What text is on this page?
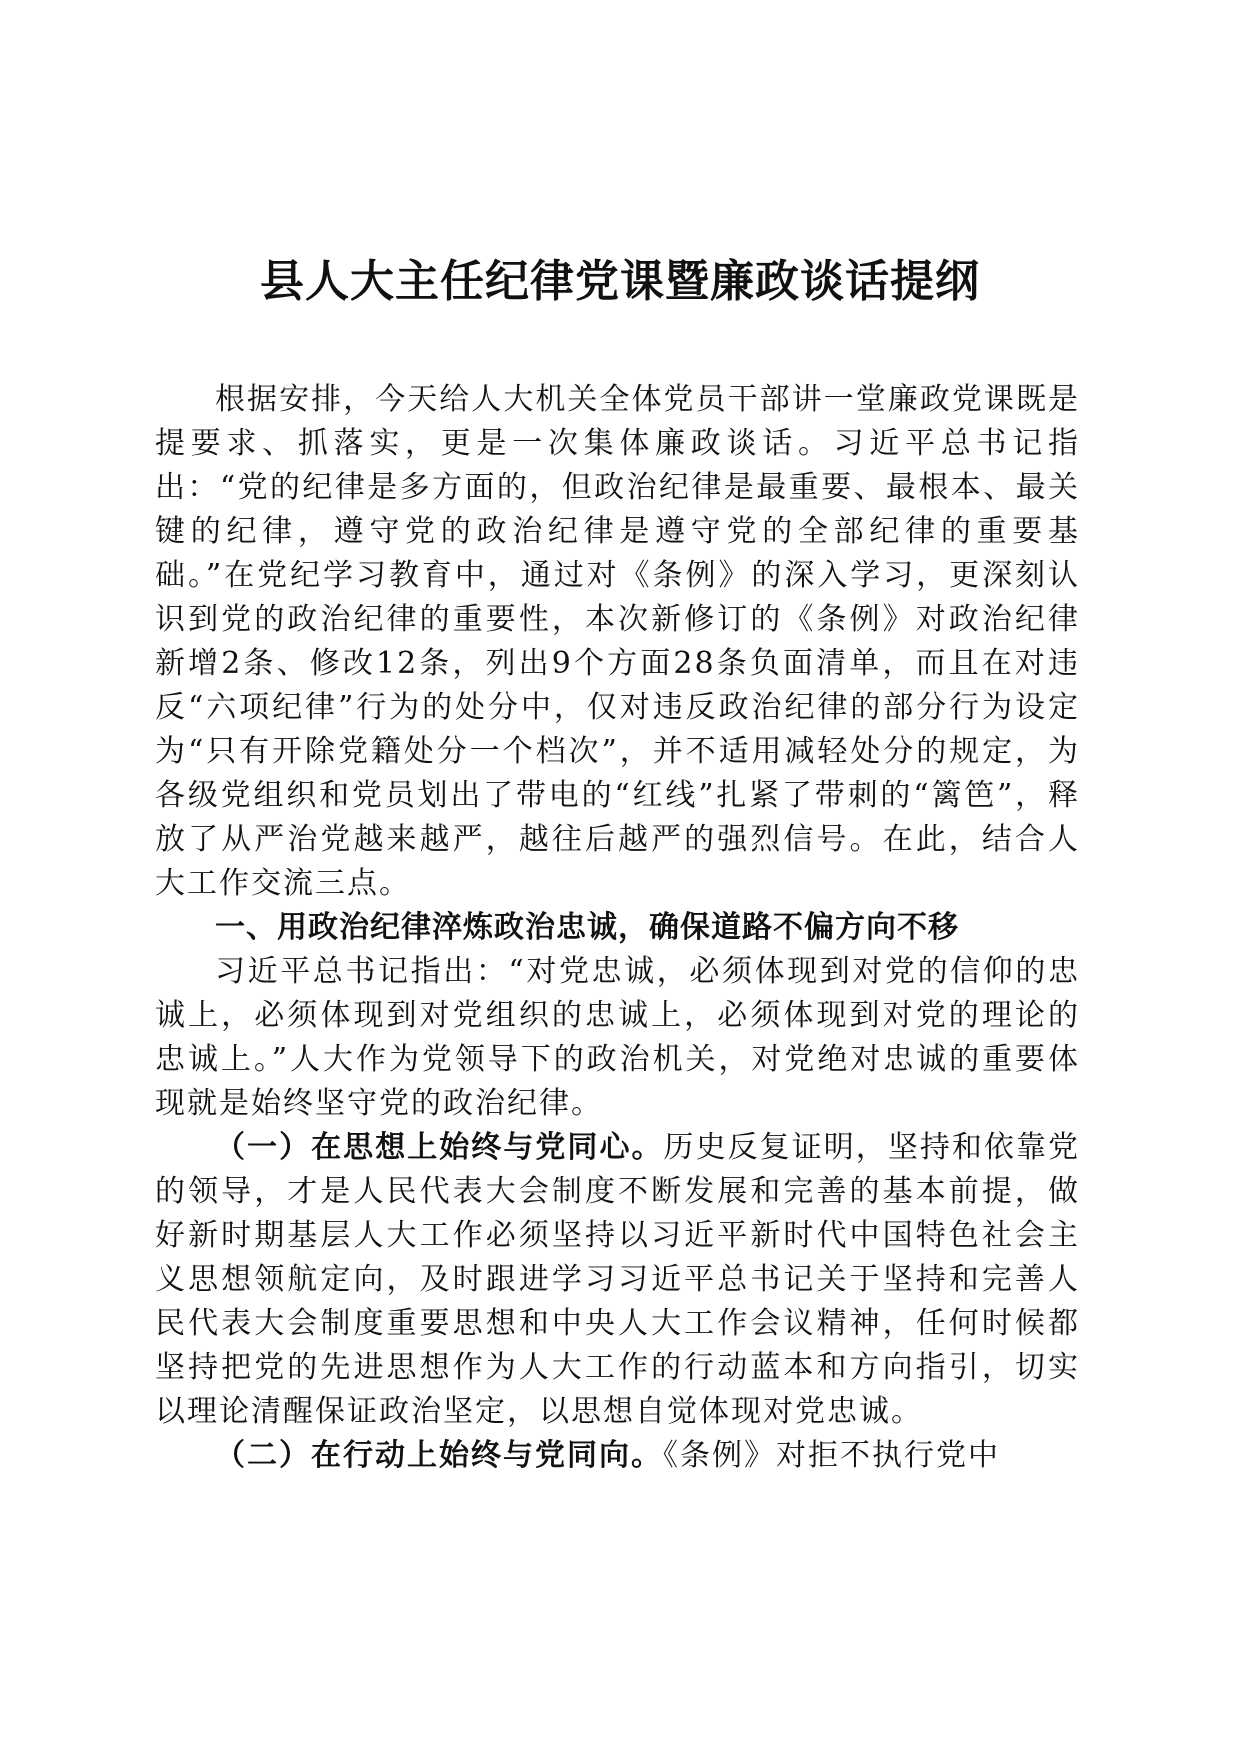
县人大主任纪律党课暨廉政谈话提纲

根据安排，今天给人大机关全体党员干部讲一堂廉政党课既是提要求、抓落实，更是一次集体廉政谈话。习近平总书记指出：“党的纪律是多方面的，但政治纪律是最重要、最根本、最关键的纪律，遵守党的政治纪律是遵守党的全部纪律的重要基础。”在党纪学习教育中，通过对《条例》的深入学习，更深刻认识到党的政治纪律的重要性，本次新修订的《条例》对政治纪律新增2条、修改12条，列出9个方面28条负面清单，而且在对违反“六项纪律”行为的处分中，仅对违反政治纪律的部分行为设定为“只有开除党籍处分一个档次”，并不适用减轻处分的规定，为各级党组织和党员划出了带电的“红线”扎紧了带刺的“篱笆”，释放了从严治党越来越严，越往后越严的强烈信号。在此，结合人大工作交流三点。

一、用政治纪律淬炼政治忠诚，确保道路不偏方向不移

习近平总书记指出：“对党忠诚，必须体现到对党的信仰的忠诚上，必须体现到对党组织的忠诚上，必须体现到对党的理论的忠诚上。”人大作为党领导下的政治机关，对党绝对忠诚的重要体现就是始终坚守党的政治纪律。

（一）在思想上始终与党同心。历史反复证明，坚持和依靠党的领导，才是人民代表大会制度不断发展和完善的基本前提，做好新时期基层人大工作必须坚持以习近平新时代中国特色社会主义思想领航定向，及时跟进学习习近平总书记关于坚持和完善人民代表大会制度重要思想和中央人大工作会议精神，任何时候都坚持把党的先进思想作为人大工作的行动蓝本和方向指引，切实以理论清醒保证政治坚定，以思想自觉体现对党忠诚。

（二）在行动上始终与党同向。《条例》对拒不执行党中
